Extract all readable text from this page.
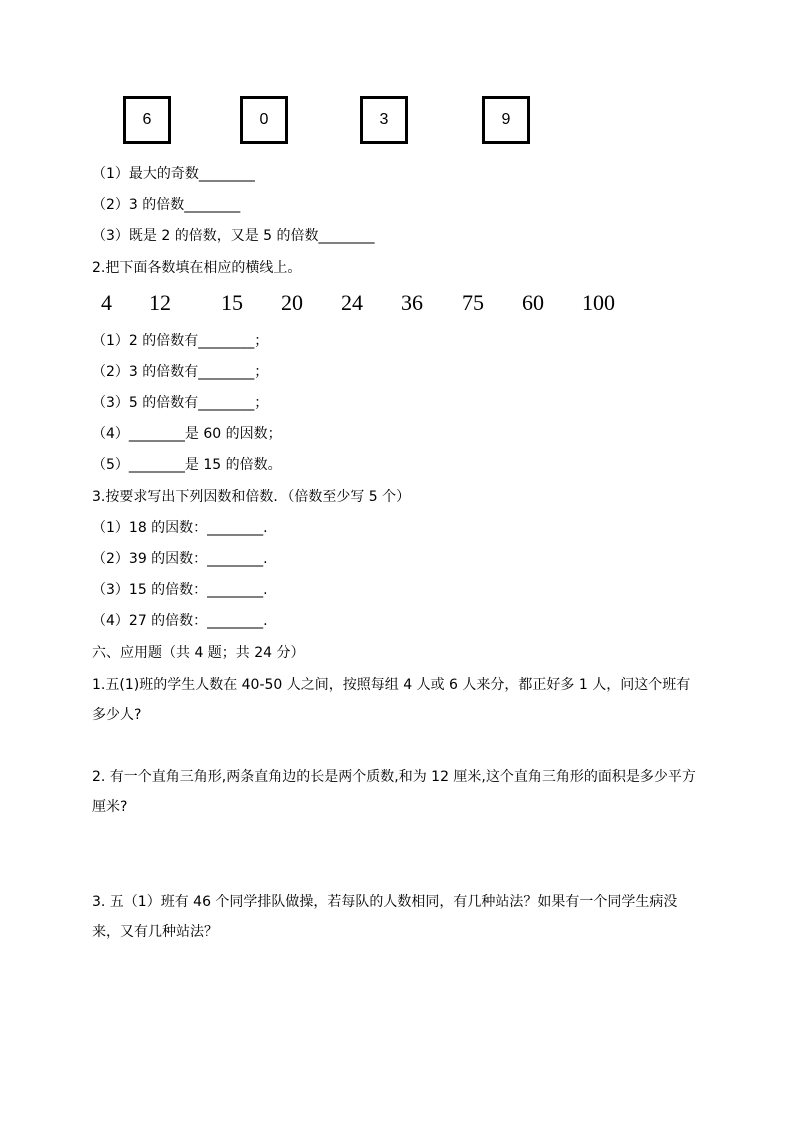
6	0	3	9
（1）最大的奇数________
（2）3 的倍数________
（3）既是 2 的倍数，又是 5 的倍数________
2.把下面各数填在相应的横线上。
4 12 15 20 24 36 75 60 100
（1）2 的倍数有________；
（2）3 的倍数有________；
（3）5 的倍数有________；
（4）________是 60 的因数；
（5）________是 15 的倍数。
3.按要求写出下列因数和倍数．（倍数至少写 5 个）
（1）18 的因数：________.
（2）39 的因数：________.
（3）15 的倍数：________.
（4）27 的倍数：________.
六、应用题（共 4 题；共 24 分）
1.五(1)班的学生人数在 40-50 人之间，按照每组 4 人或 6 人来分，都正好多 1 人，问这个班有多少人?
2. 有一个直角三角形,两条直角边的长是两个质数,和为 12 厘米,这个直角三角形的面积是多少平方厘米?
3. 五（1）班有 46 个同学排队做操，若每队的人数相同，有几种站法？如果有一个同学生病没来，又有几种站法？
